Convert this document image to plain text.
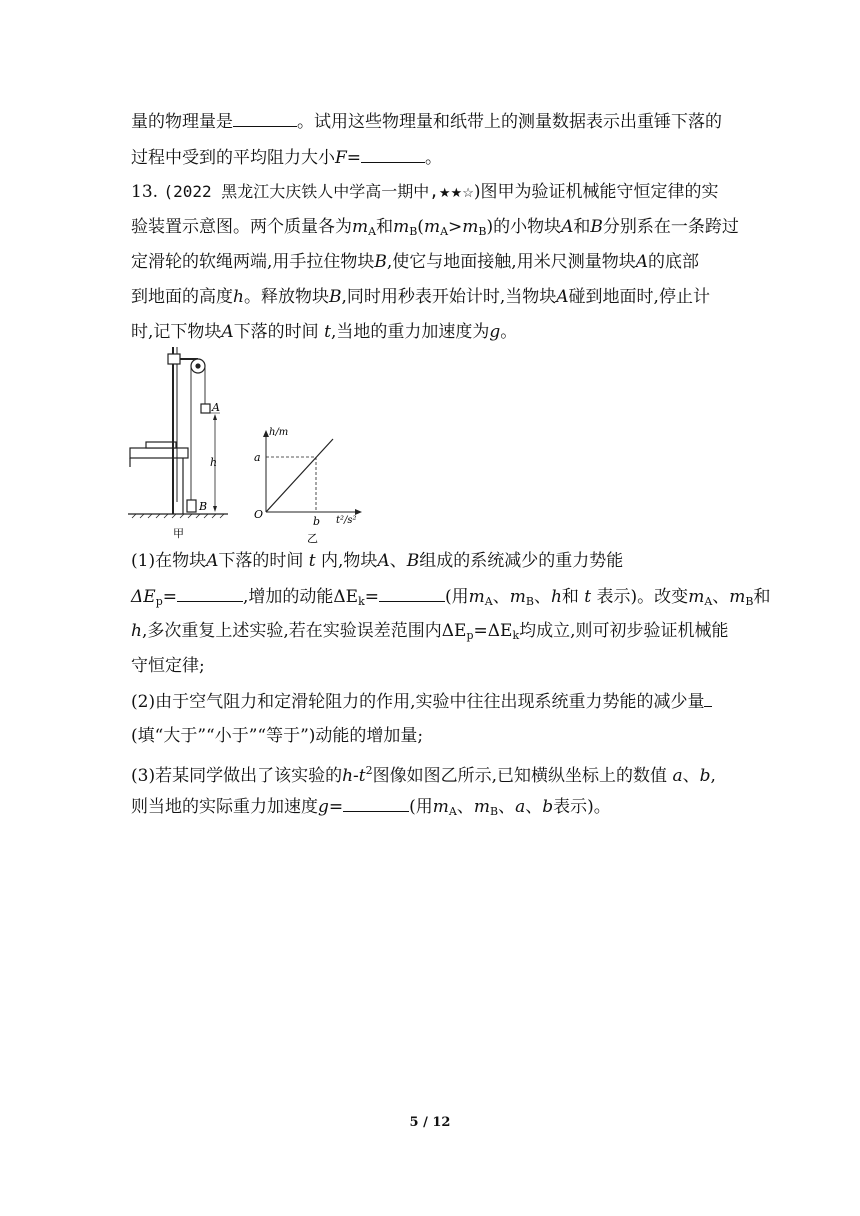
量的物理量是	。试用这些物理量和纸带上的测量数据表示出重锤下落的
过程中受到的平均阻力大小F=	。
13. (2022 黑龙江大庆铁人中学高一期中,★★☆)图甲为验证机械能守恒定律的实
验装置示意图。两个质量各为$m_A$和$m_B(m_A>m_B)$的小物块A和B分别系在一条跨过
定滑轮的软绳两端,用手拉住物块B,使它与地面接触,用米尺测量物块A的底部
到地面的高度h。释放物块B,同时用秒表开始计时,当物块A碰到地面时,停止计
时,记下物块A下落的时间 t,当地的重力加速度为g。
A
B
h
甲
h/m
t²/s²
O
a
b
乙
(1)在物块A下落的时间 t 内,物块A、B组成的系统减少的重力势能
$\Delta E_p=$	,增加的动能$\Delta E_k=$	(用$m_A$、$m_B$、h和 t 表示)。改变$m_A$、$m_B$和
h,多次重复上述实验,若在实验误差范围内$\Delta E_p=\Delta E_k$均成立,则可初步验证机械能
守恒定律;
(2)由于空气阻力和定滑轮阻力的作用,实验中往往出现系统重力势能的减少量
(填“大于”“小于”“等于”)动能的增加量;
(3)若某同学做出了该实验的$h-t^2$图像如图乙所示,已知横纵坐标上的数值 a、b,
则当地的实际重力加速度g=	(用$m_A$、$m_B$、a、b表示)。
5 / 12
